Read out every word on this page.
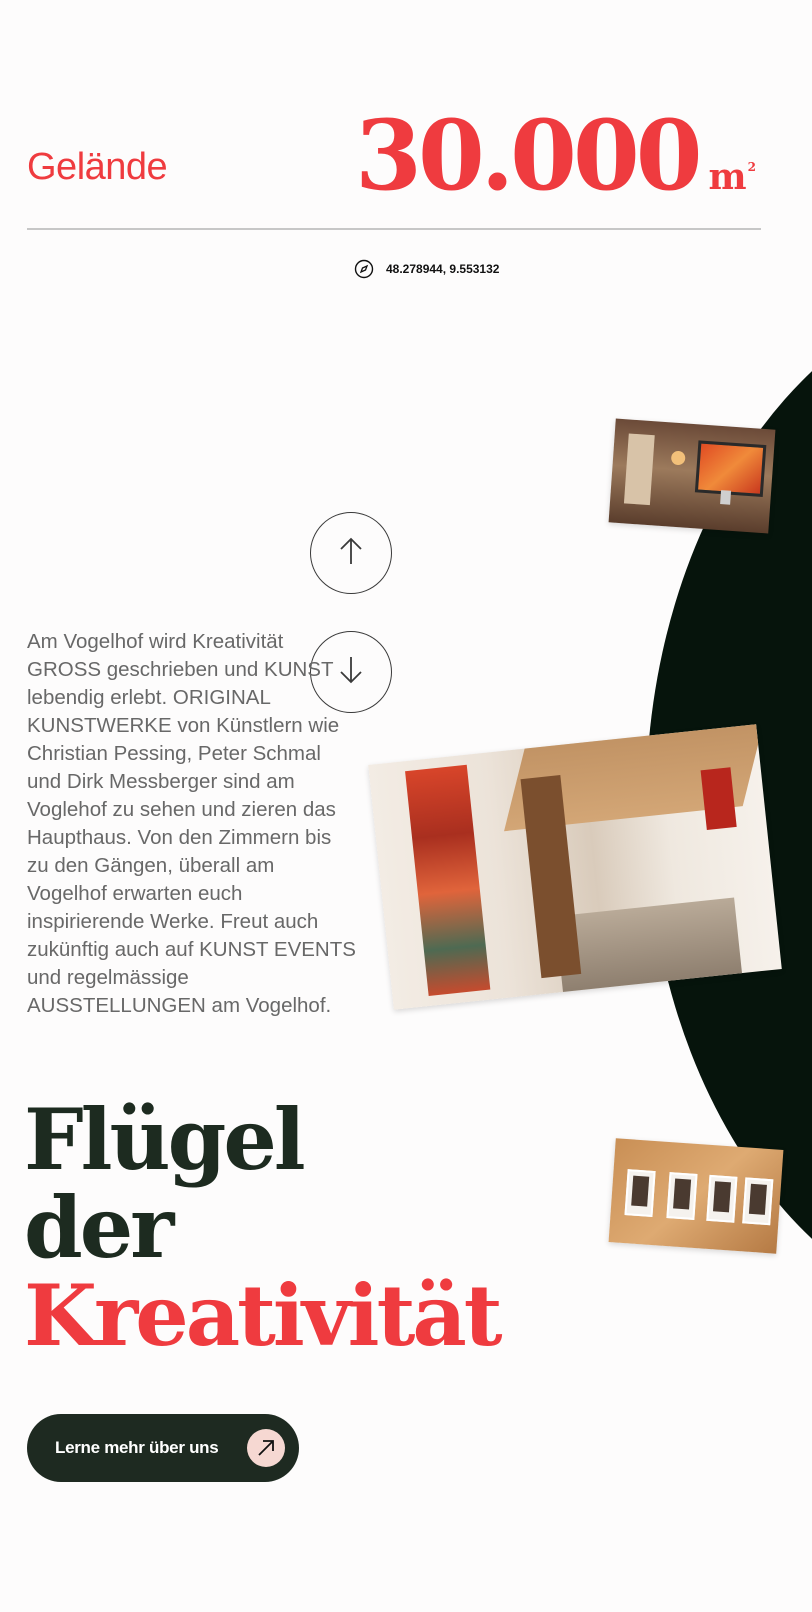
Gelände 30.000 $m^2$
48.278944, 9.553132

Am Vogelhof wird Kreativität GROSS geschrieben und KUNST lebendig erlebt. ORIGINAL KUNSTWERKE von Künstlern wie Christian Pessing, Peter Schmal und Dirk Messberger sind am Voglehof zu sehen und zieren das Haupthaus. Von den Zimmern bis zu den Gängen, überall am Vogelhof erwarten euch inspirierende Werke. Freut auch zukünftig auch auf KUNST EVENTS und regelmässige AUSSTELLUNGEN am Vogelhof.

Flügel
der
Kreativität
Lerne mehr über uns
